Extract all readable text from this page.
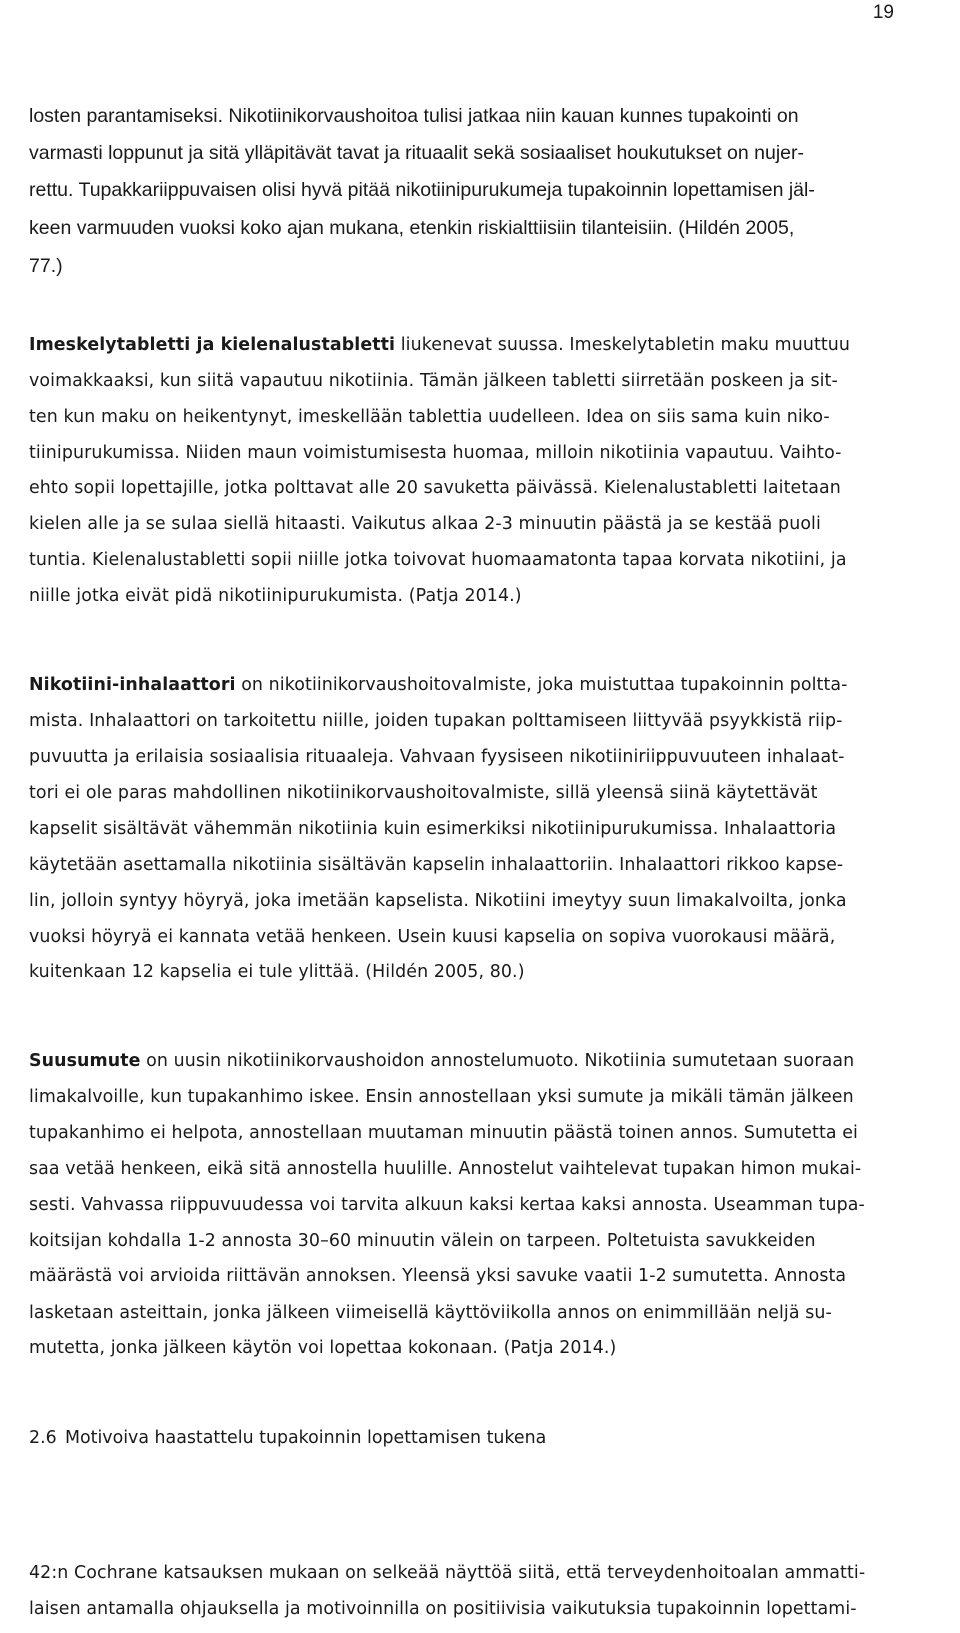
19
losten parantamiseksi. Nikotiinikorvaushoitoa tulisi jatkaa niin kauan kunnes tupakointi on
varmasti loppunut ja sitä ylläpitävät tavat ja rituaalit sekä sosiaaliset houkutukset on nujer-
rettu. Tupakkariippuvaisen olisi hyvä pitää nikotiinipurukumeja tupakoinnin lopettamisen jäl-
keen varmuuden vuoksi koko ajan mukana, etenkin riskialttiisiin tilanteisiin. (Hildén 2005,
77.)
Imeskelytabletti ja kielenalustabletti liukenevat suussa. Imeskelytabletin maku muuttuu
voimakkaaksi, kun siitä vapautuu nikotiinia. Tämän jälkeen tabletti siirretään poskeen ja sit-
ten kun maku on heikentynyt, imeskellään tablettia uudelleen. Idea on siis sama kuin niko-
tiinipurukumissa. Niiden maun voimistumisesta huomaa, milloin nikotiinia vapautuu. Vaihto-
ehto sopii lopettajille, jotka polttavat alle 20 savuketta päivässä. Kielenalustabletti laitetaan
kielen alle ja se sulaa siellä hitaasti. Vaikutus alkaa 2-3 minuutin päästä ja se kestää puoli
tuntia. Kielenalustabletti sopii niille jotka toivovat huomaamatonta tapaa korvata nikotiini, ja
niille jotka eivät pidä nikotiinipurukumista. (Patja 2014.)
Nikotiini-inhalaattori on nikotiinikorvaushoitovalmiste, joka muistuttaa tupakoinnin poltta-
mista. Inhalaattori on tarkoitettu niille, joiden tupakan polttamiseen liittyvää psyykkistä riip-
puvuutta ja erilaisia sosiaalisia rituaaleja. Vahvaan fyysiseen nikotiiniriippuvuuteen inhalaat-
tori ei ole paras mahdollinen nikotiinikorvaushoitovalmiste, sillä yleensä siinä käytettävät
kapselit sisältävät vähemmän nikotiinia kuin esimerkiksi nikotiinipurukumissa. Inhalaattoria
käytetään asettamalla nikotiinia sisältävän kapselin inhalaattoriin. Inhalaattori rikkoo kapse-
lin, jolloin syntyy höyryä, joka imetään kapselista. Nikotiini imeytyy suun limakalvoilta, jonka
vuoksi höyryä ei kannata vetää henkeen. Usein kuusi kapselia on sopiva vuorokausi määrä,
kuitenkaan 12 kapselia ei tule ylittää. (Hildén 2005, 80.)
Suusumute on uusin nikotiinikorvaushoidon annostelumuoto. Nikotiinia sumutetaan suoraan
limakalvoille, kun tupakanhimo iskee. Ensin annostellaan yksi sumute ja mikäli tämän jälkeen
tupakanhimo ei helpota, annostellaan muutaman minuutin päästä toinen annos. Sumutetta ei
saa vetää henkeen, eikä sitä annostella huulille. Annostelut vaihtelevat tupakan himon mukai-
sesti. Vahvassa riippuvuudessa voi tarvita alkuun kaksi kertaa kaksi annosta. Useamman tupa-
koitsijan kohdalla 1-2 annosta 30–60 minuutin välein on tarpeen. Poltetuista savukkeiden
määrästä voi arvioida riittävän annoksen. Yleensä yksi savuke vaatii 1-2 sumutetta. Annosta
lasketaan asteittain, jonka jälkeen viimeisellä käyttöviikolla annos on enimmillään neljä su-
mutetta, jonka jälkeen käytön voi lopettaa kokonaan. (Patja 2014.)
2.6 Motivoiva haastattelu tupakoinnin lopettamisen tukena
42:n Cochrane katsauksen mukaan on selkeää näyttöä siitä, että terveydenhoitoalan ammatti-
laisen antamalla ohjauksella ja motivoinnilla on positiivisia vaikutuksia tupakoinnin lopettami-
